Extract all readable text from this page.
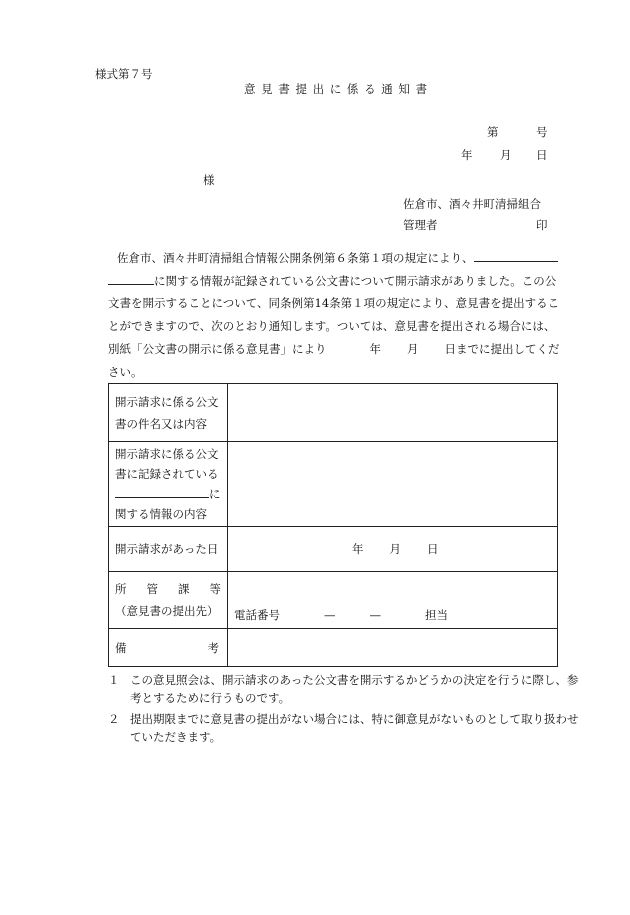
様式第７号
意 見 書 提 出 に 係 る 通 知 書
第	号
年 月 日
様
佐倉市、酒々井町清掃組合
管理者	印
佐倉市、酒々井町清掃組合情報公開条例第６条第１項の規定により、
に関する情報が記録されている公文書について開示請求がありました。この公
文書を開示することについて、同条例第14条第１項の規定により、意見書を提出するこ
とができますので、次のとおり通知します。ついては、意見書を提出される場合には、
別紙「公文書の開示に係る意見書」により	年 月 日までに提出してくだ
さい。
開示請求に係る公文
書の件名又は内容	

開示請求に係る公文
書に記録されている
に
関する情報の内容	

開示請求があった日	年 月 日

所 管 課 等
（意見書の提出先）	電話番号 — — 担当

備 考	

１ この意見照会は、開示請求のあった公文書を開示するかどうかの決定を行うに際し、参考とするために行うものです。
２ 提出期限までに意見書の提出がない場合には、特に御意見がないものとして取り扱わせていただきます。
